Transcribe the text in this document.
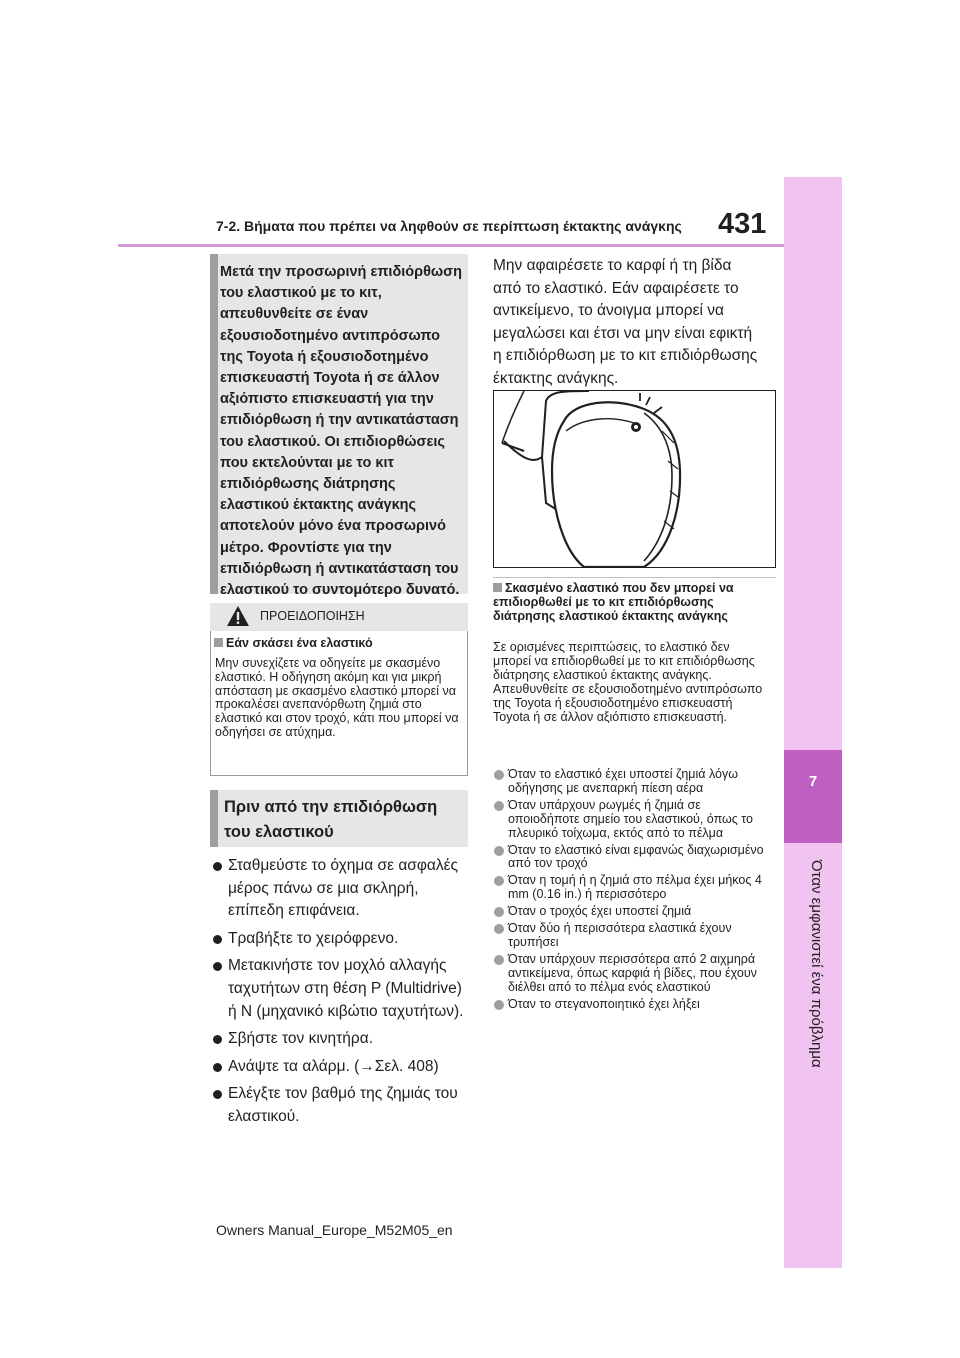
7-2. Βήματα που πρέπει να ληφθούν σε περίπτωση έκτακτης ανάγκης 431
7
Όταν εμφανιστεί ένα πρόβλημα
Μετά την προσωρινή επιδιόρθωση του ελαστικού με το κιτ, απευθυνθείτε σε έναν εξουσιοδοτημένο αντιπρόσωπο της Toyota ή εξουσιοδοτημένο επισκευαστή Toyota ή σε άλλον αξιόπιστο επισκευαστή για την επιδιόρθωση ή την αντικατάσταση του ελαστικού. Οι επιδιορθώσεις που εκτελούνται με το κιτ επιδιόρθωσης διάτρησης ελαστικού έκτακτης ανάγκης αποτελούν μόνο ένα προσωρινό μέτρο. Φροντίστε για την επιδιόρθωση ή αντικατάσταση του ελαστικού το συντομότερο δυνατό.
ΠΡΟΕΙΔΟΠΟΙΗΣΗ
Εάν σκάσει ένα ελαστικό
Μην συνεχίζετε να οδηγείτε με σκασμένο ελαστικό. Η οδήγηση ακόμη και για μικρή απόσταση με σκασμένο ελαστικό μπορεί να προκαλέσει ανεπανόρθωτη ζημιά στο ελαστικό και στον τροχό, κάτι που μπορεί να οδηγήσει σε ατύχημα.
Πριν από την επιδιόρθωση του ελαστικού
Σταθμεύστε το όχημα σε ασφαλές μέρος πάνω σε μια σκληρή, επίπεδη επιφάνεια.
Τραβήξτε το χειρόφρενο.
Μετακινήστε τον μοχλό αλλαγής ταχυτήτων στη θέση P (Multidrive) ή N (μηχανικό κιβώτιο ταχυτήτων).
Σβήστε τον κινητήρα.
Ανάψτε τα αλάρμ. (→Σελ. 408)
Ελέγξτε τον βαθμό της ζημιάς του ελαστικού.
Μην αφαιρέσετε το καρφί ή τη βίδα από το ελαστικό. Εάν αφαιρέσετε το αντικείμενο, το άνοιγμα μπορεί να μεγαλώσει και έτσι να μην είναι εφικτή η επιδιόρθωση με το κιτ επιδιόρθωσης έκτακτης ανάγκης.
Σκασμένο ελαστικό που δεν μπορεί να επιδιορθωθεί με το κιτ επιδιόρθωσης διάτρησης ελαστικού έκτακτης ανάγκης
Σε ορισμένες περιπτώσεις, το ελαστικό δεν μπορεί να επιδιορθωθεί με το κιτ επιδιόρθωσης διάτρησης ελαστικού έκτακτης ανάγκης. Απευθυνθείτε σε εξουσιοδοτημένο αντιπρόσωπο της Toyota ή εξουσιοδοτημένο επισκευαστή Toyota ή σε άλλον αξιόπιστο επισκευαστή.
Όταν το ελαστικό έχει υποστεί ζημιά λόγω οδήγησης με ανεπαρκή πίεση αέρα
Όταν υπάρχουν ρωγμές ή ζημιά σε οποιοδήποτε σημείο του ελαστικού, όπως το πλευρικό τοίχωμα, εκτός από το πέλμα
Όταν το ελαστικό είναι εμφανώς διαχωρισμένο από τον τροχό
Όταν η τομή ή η ζημιά στο πέλμα έχει μήκος 4 mm (0.16 in.) ή περισσότερο
Όταν ο τροχός έχει υποστεί ζημιά
Όταν δύο ή περισσότερα ελαστικά έχουν τρυπήσει
Όταν υπάρχουν περισσότερα από 2 αιχμηρά αντικείμενα, όπως καρφιά ή βίδες, που έχουν διέλθει από το πέλμα ενός ελαστικού
Όταν το στεγανοποιητικό έχει λήξει
Owners Manual_Europe_M52M05_en
